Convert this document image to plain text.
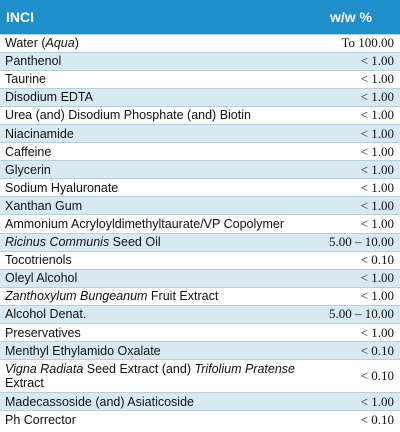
INCI	w/w %
Water (Aqua)	To 100.00
Panthenol	< 1.00
Taurine	< 1.00
Disodium EDTA	< 1.00
Urea (and) Disodium Phosphate (and) Biotin	< 1.00
Niacinamide	< 1.00
Caffeine	< 1.00
Glycerin	< 1.00
Sodium Hyaluronate	< 1.00
Xanthan Gum	< 1.00
Ammonium Acryloyldimethyltaurate/VP Copolymer	< 1.00
Ricinus Communis Seed Oil	5.00 – 10.00
Tocotrienols	< 0.10
Oleyl Alcohol	< 1.00
Zanthoxylum Bungeanum Fruit Extract	< 1.00
Alcohol Denat.	5.00 – 10.00
Preservatives	< 1.00
Menthyl Ethylamido Oxalate	< 0.10
Vigna Radiata Seed Extract (and) Trifolium Pratense Extract	< 0.10
Madecassoside (and) Asiaticoside	< 1.00
Ph Corrector	< 0.10
